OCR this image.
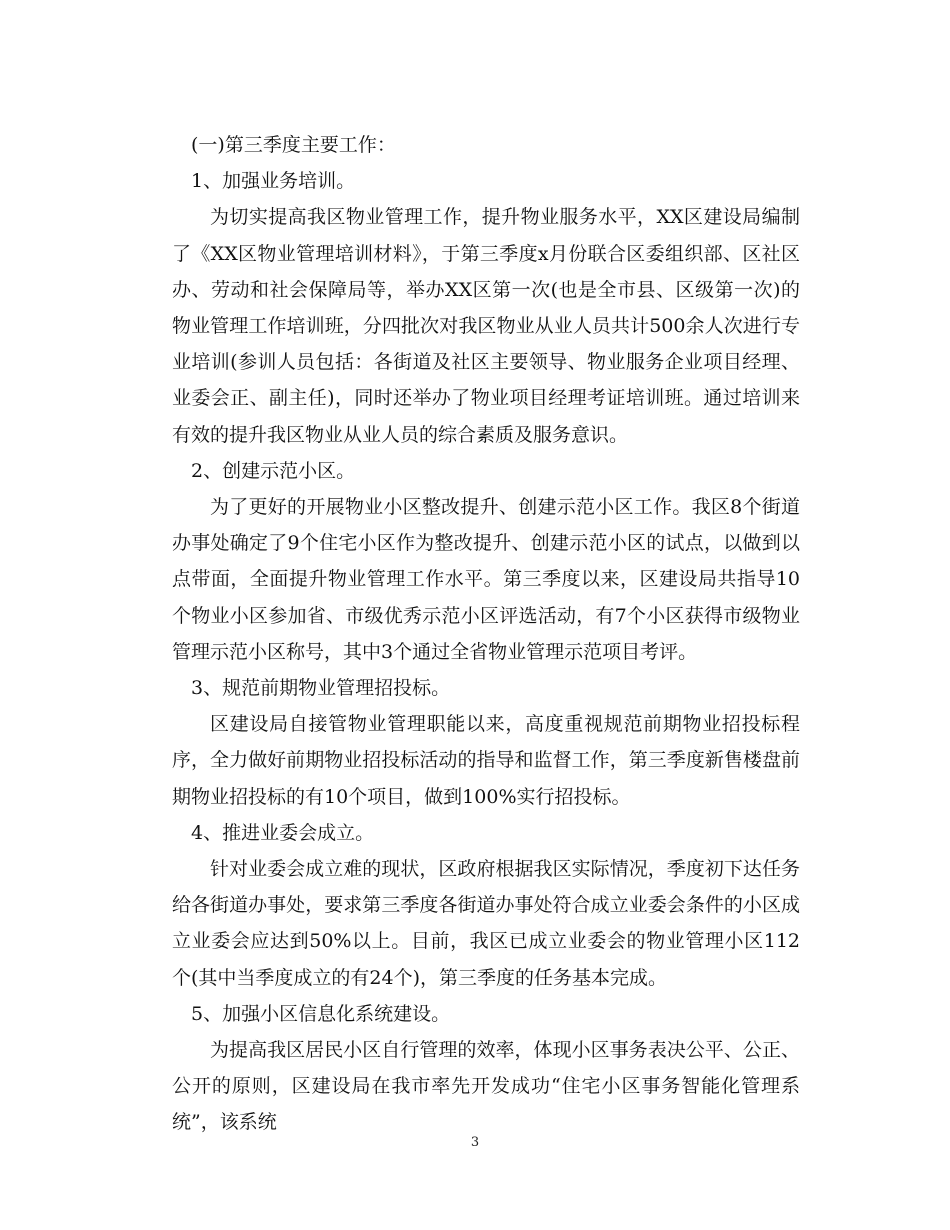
(一)第三季度主要工作：

1、加强业务培训。

为切实提高我区物业管理工作，提升物业服务水平，XX区建设局编制了《XX区物业管理培训材料》，于第三季度x月份联合区委组织部、区社区办、劳动和社会保障局等，举办XX区第一次(也是全市县、区级第一次)的物业管理工作培训班，分四批次对我区物业从业人员共计500余人次进行专业培训(参训人员包括：各街道及社区主要领导、物业服务企业项目经理、业委会正、副主任)，同时还举办了物业项目经理考证培训班。通过培训来有效的提升我区物业从业人员的综合素质及服务意识。

2、创建示范小区。

为了更好的开展物业小区整改提升、创建示范小区工作。我区8个街道办事处确定了9个住宅小区作为整改提升、创建示范小区的试点，以做到以点带面，全面提升物业管理工作水平。第三季度以来，区建设局共指导10个物业小区参加省、市级优秀示范小区评选活动，有7个小区获得市级物业管理示范小区称号，其中3个通过全省物业管理示范项目考评。

3、规范前期物业管理招投标。

区建设局自接管物业管理职能以来，高度重视规范前期物业招投标程序，全力做好前期物业招投标活动的指导和监督工作，第三季度新售楼盘前期物业招投标的有10个项目，做到100%实行招投标。

4、推进业委会成立。

针对业委会成立难的现状，区政府根据我区实际情况，季度初下达任务给各街道办事处，要求第三季度各街道办事处符合成立业委会条件的小区成立业委会应达到50%以上。目前，我区已成立业委会的物业管理小区112个(其中当季度成立的有24个)，第三季度的任务基本完成。

5、加强小区信息化系统建设。

为提高我区居民小区自行管理的效率，体现小区事务表决公平、公正、公开的原则，区建设局在我市率先开发成功“住宅小区事务智能化管理系统”，该系统

3
